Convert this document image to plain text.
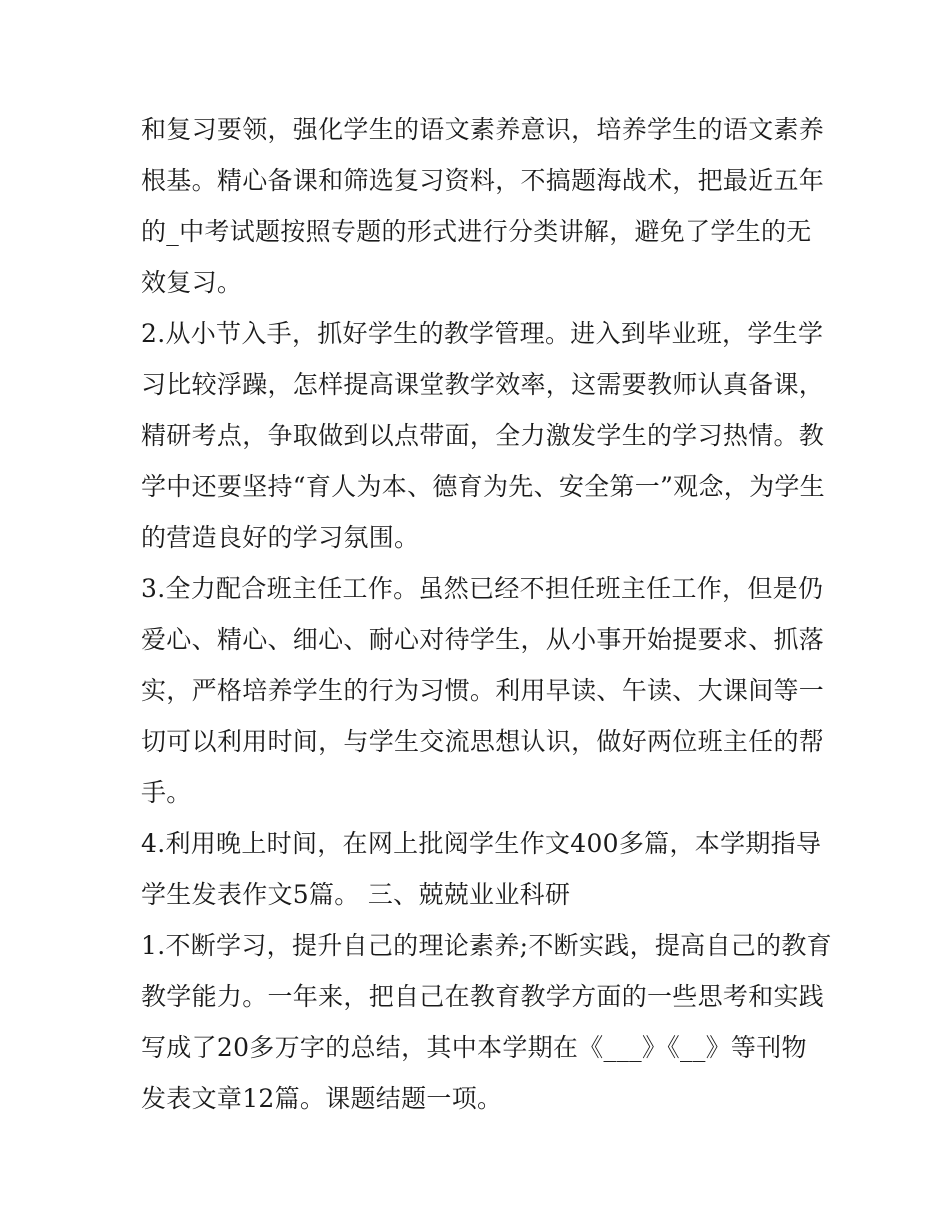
和复习要领，强化学生的语文素养意识，培养学生的语文素养
根基。精心备课和筛选复习资料，不搞题海战术，把最近五年
的_中考试题按照专题的形式进行分类讲解，避免了学生的无
效复习。
2.从小节入手，抓好学生的教学管理。进入到毕业班，学生学
习比较浮躁，怎样提高课堂教学效率，这需要教师认真备课，
精研考点，争取做到以点带面，全力激发学生的学习热情。教
学中还要坚持“育人为本、德育为先、安全第一”观念，为学生
的营造良好的学习氛围。
3.全力配合班主任工作。虽然已经不担任班主任工作，但是仍
爱心、精心、细心、耐心对待学生，从小事开始提要求、抓落
实，严格培养学生的行为习惯。利用早读、午读、大课间等一
切可以利用时间，与学生交流思想认识，做好两位班主任的帮
手。
4.利用晚上时间，在网上批阅学生作文400多篇，本学期指导
学生发表作文5篇。 三、兢兢业业科研
1.不断学习，提升自己的理论素养;不断实践，提高自己的教育
教学能力。一年来，把自己在教育教学方面的一些思考和实践
写成了20多万字的总结，其中本学期在《___》《__》等刊物
发表文章12篇。课题结题一项。
